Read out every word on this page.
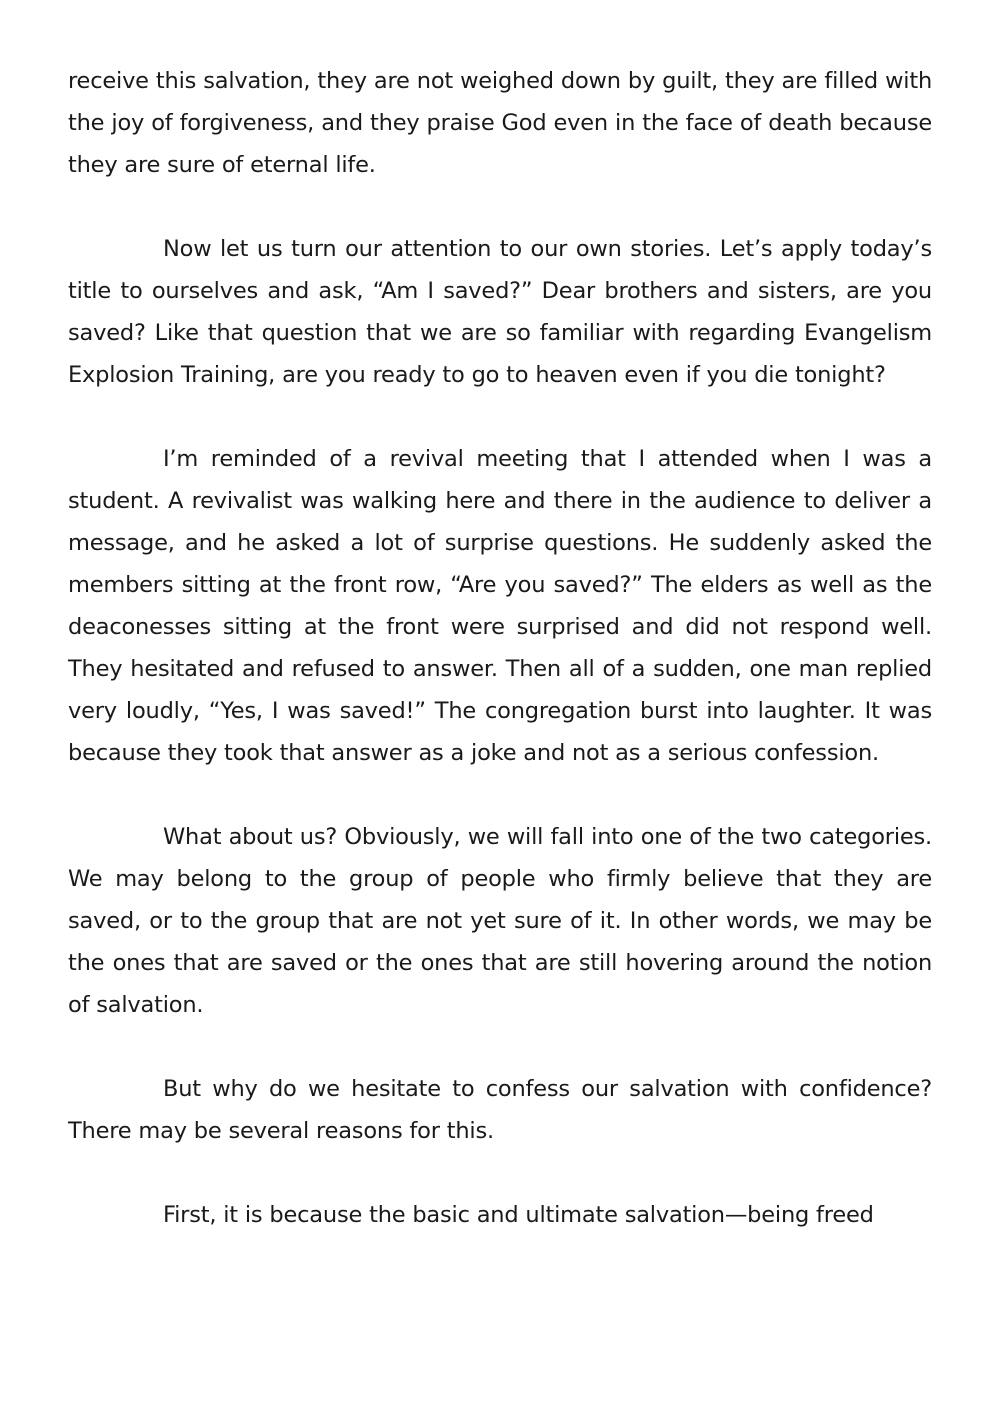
receive this salvation, they are not weighed down by guilt, they are filled with the joy of forgiveness, and they praise God even in the face of death because they are sure of eternal life.

Now let us turn our attention to our own stories. Let’s apply today’s title to ourselves and ask, “Am I saved?” Dear brothers and sisters, are you saved? Like that question that we are so familiar with regarding Evangelism Explosion Training, are you ready to go to heaven even if you die tonight?

I’m reminded of a revival meeting that I attended when I was a student. A revivalist was walking here and there in the audience to deliver a message, and he asked a lot of surprise questions. He suddenly asked the members sitting at the front row, “Are you saved?” The elders as well as the deaconesses sitting at the front were surprised and did not respond well. They hesitated and refused to answer. Then all of a sudden, one man replied very loudly, “Yes, I was saved!” The congregation burst into laughter. It was because they took that answer as a joke and not as a serious confession.

What about us? Obviously, we will fall into one of the two categories. We may belong to the group of people who firmly believe that they are saved, or to the group that are not yet sure of it. In other words, we may be the ones that are saved or the ones that are still hovering around the notion of salvation.

But why do we hesitate to confess our salvation with confidence? There may be several reasons for this.

First, it is because the basic and ultimate salvation—being freed
